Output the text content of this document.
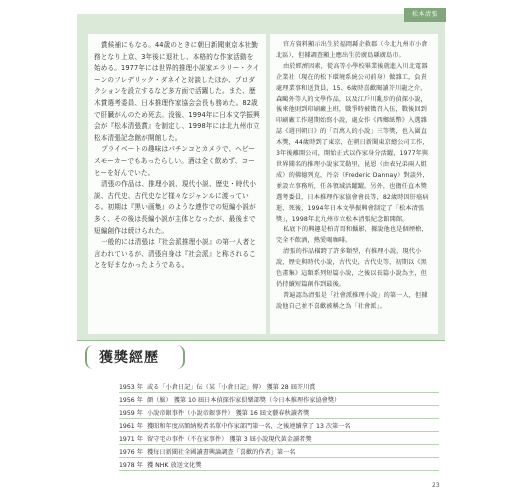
松本清張

賞候補にもなる。44歳のときに朝日新聞東京本社勤務となり上京、3年後に退社し、本格的な作家活動を始める。1977年には世界的推理小説家エラリー・クイーンのフレデリック・ダネイと対談したほか、プロダクションを設立するなど多方面で活躍した。また、歴木賞選考委員、日本推理作家協会会長も務めた。82歳で肝臓がんのため死去。没後、1994年に日本文学振興会が『松本清張賞』を制定し、1998年には北九州市立松本清張記念館が開館した。

プライベートの趣味はパチンコとカメラで、ヘビースモーカーでもあったらしい。酒は全く飲めず、コーヒーを好んでいた。

清張の作品は、推理小説、現代小説、歴史・時代小説、古代史、古代史など様々なジャンルに渡っている。初期は『黒い画集』のような連作での短編小説が多く、その後は長編小説が主体となったが、最後まで短編創作は続けられた。

一般的には清張は『社会派推理小説』の第一人者と言われているが、清張自身は『社会派』と称されることを好まなかったようである。

官方資料顯示出生於福岡縣企救郡（今北九州市小倉北區），但據調查顯上應出生於廣島縣廣島市。

由於經濟因素，從高等小學校畢業後就進入川北電器企業社（現在的松下環境系統公司前身）做雜工，負責處理業事和送貨員，15、6歲時喜歡閱讀芥川龍之介，森鷗外等人的文學作品，以及江戶川亂步的偵探小說，後來他則到印刷廠上班，戰爭時被徵召入伍，戰後回到印刷廠工作週期始寫小說，處女作《西鄉紙幣》入選雜誌《週刊朝日》的「百萬人的小說」三等獎，也入圍直木獎，44歲時到了東京，在朝日新聞東京總公司工作，3年後離開公司，開始正式以作家身分活躍，1977年與世界聞名的推理小說家艾勒里，昆恩（由表兄弟兩人組成）的佛德列克，丹奈（Frederic Dannay）對談外，並設立事務所，任各領域活躍躍。另外，也擔任直木獎選考委員，日本推理作家協會會長等，82歲時因肝癌病逝，死後，1994年日本文學振興會制定了「松本清張獎」，1998年北九州市立松本清張紀念館開館。

私底下的興趣是柏青哥和攝影，據說他也是個煙槍，完全不飲酒，熱愛喝咖啡。

清張的作品橫跨了許多類型，有推理小說，現代小說，歷史與時代小說，古代史，古代史等，初期以《黑色畫集》這類系列短篇小說，之後以長篇小說為主，但仍持續短篇創作到最後。

普遍認為清張是「社會派推理小說」的第一人，但據說他自己並不喜歡被稱之為「社會派」。

獲獎經歷
1953 年 或る「小倉日記」伝（某「小倉日記」傳） 獲第 28 屆芥川賞
1956 年 顔（臉） 獲第 10 屆日本偵探作家俱樂部獎（今日本推理作家協會獎）
1959 年 小說帝銀事件（小說帝銀事件） 獲第 16 屆文藝春秋讀者獎
1961 年 獲昭和年度高額納稅者名單中作家部門第一名，之後連續拿了 13 次第一名
1971 年 留守宅の事件（不在家事件） 獲第 3 屆小說現代黃金讀者獎
1976 年 獲每日新聞社全國讀書興論調查「喜歡的作者」第一名
1978 年 獲 NHK 放送文化獎
23
